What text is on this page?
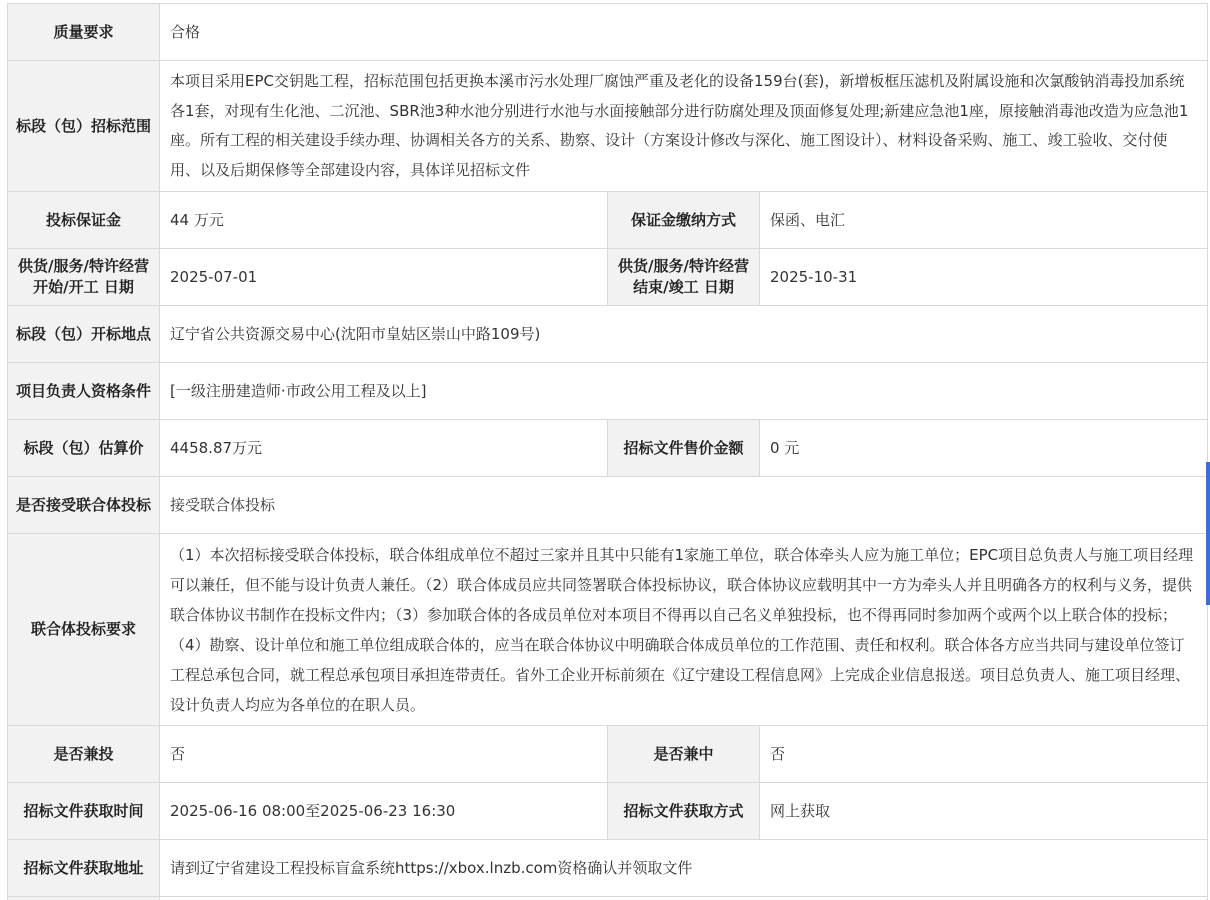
质量要求	合格		
标段（包）招标范围	本项目采用EPC交钥匙工程，招标范围包括更换本溪市污水处理厂腐蚀严重及老化的设备159台(套)，新增板框压滤机及附属设施和次氯酸钠消毒投加系统各1套，对现有生化池、二沉池、SBR池3种水池分别进行水池与水面接触部分进行防腐处理及顶面修复处理;新建应急池1座，原接触消毒池改造为应急池1座。所有工程的相关建设手续办理、协调相关各方的关系、勘察、设计（方案设计修改与深化、施工图设计）、材料设备采购、施工、竣工验收、交付使用、以及后期保修等全部建设内容，具体详见招标文件		
投标保证金	44 万元	保证金缴纳方式	保函、电汇
供货/服务/特许经营开始/开工 日期	2025-07-01	供货/服务/特许经营结束/竣工 日期	2025-10-31
标段（包）开标地点	辽宁省公共资源交易中心(沈阳市皇姑区崇山中路109号)		
项目负责人资格条件	[一级注册建造师·市政公用工程及以上]		
标段（包）估算价	4458.87万元	招标文件售价金额	0 元
是否接受联合体投标	接受联合体投标		
联合体投标要求	（1）本次招标接受联合体投标，联合体组成单位不超过三家并且其中只能有1家施工单位，联合体牵头人应为施工单位；EPC项目总负责人与施工项目经理可以兼任，但不能与设计负责人兼任。（2）联合体成员应共同签署联合体投标协议，联合体协议应载明其中一方为牵头人并且明确各方的权利与义务，提供联合体协议书制作在投标文件内；（3）参加联合体的各成员单位对本项目不得再以自己名义单独投标，也不得再同时参加两个或两个以上联合体的投标；（4）勘察、设计单位和施工单位组成联合体的，应当在联合体协议中明确联合体成员单位的工作范围、责任和权利。联合体各方应当共同与建设单位签订工程总承包合同，就工程总承包项目承担连带责任。省外工企业开标前须在《辽宁建设工程信息网》上完成企业信息报送。项目总负责人、施工项目经理、设计负责人均应为各单位的在职人员。		
是否兼投	否	是否兼中	否
招标文件获取时间	2025-06-16 08:00至2025-06-23 16:30	招标文件获取方式	网上获取
招标文件获取地址	请到辽宁省建设工程投标盲盒系统https://xbox.lnzb.com资格确认并领取文件		
